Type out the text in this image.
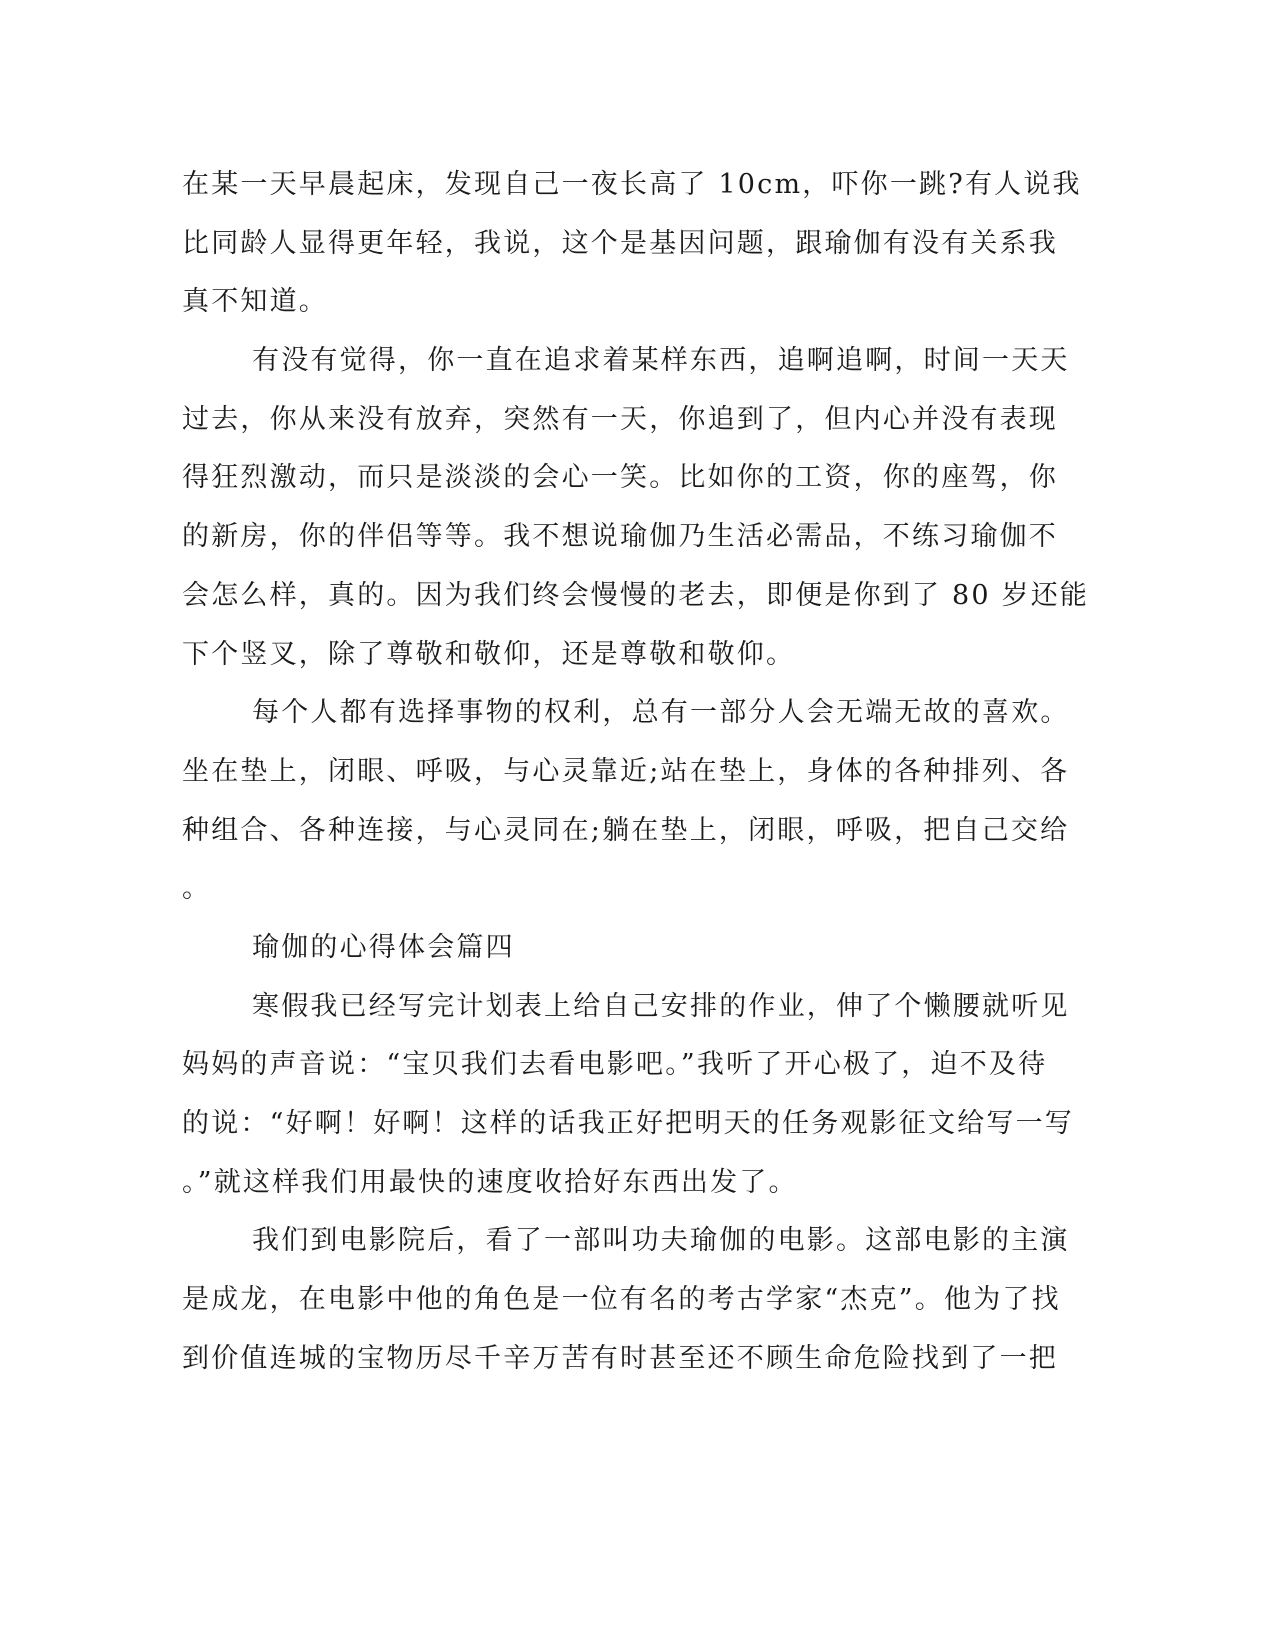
在某一天早晨起床，发现自己一夜长高了 10cm，吓你一跳?有人说我
比同龄人显得更年轻，我说，这个是基因问题，跟瑜伽有没有关系我
真不知道。
有没有觉得，你一直在追求着某样东西，追啊追啊，时间一天天
过去，你从来没有放弃，突然有一天，你追到了，但内心并没有表现
得狂烈激动，而只是淡淡的会心一笑。比如你的工资，你的座驾，你
的新房，你的伴侣等等。我不想说瑜伽乃生活必需品，不练习瑜伽不
会怎么样，真的。因为我们终会慢慢的老去，即便是你到了 80 岁还能
下个竖叉，除了尊敬和敬仰，还是尊敬和敬仰。
每个人都有选择事物的权利，总有一部分人会无端无故的喜欢。
坐在垫上，闭眼、呼吸，与心灵靠近;站在垫上，身体的各种排列、各
种组合、各种连接，与心灵同在;躺在垫上，闭眼，呼吸，把自己交给
。
瑜伽的心得体会篇四
寒假我已经写完计划表上给自己安排的作业，伸了个懒腰就听见
妈妈的声音说：“宝贝我们去看电影吧。”我听了开心极了，迫不及待
的说：“好啊！好啊！这样的话我正好把明天的任务观影征文给写一写
。”就这样我们用最快的速度收拾好东西出发了。
我们到电影院后，看了一部叫功夫瑜伽的电影。这部电影的主演
是成龙，在电影中他的角色是一位有名的考古学家“杰克”。他为了找
到价值连城的宝物历尽千辛万苦有时甚至还不顾生命危险找到了一把
